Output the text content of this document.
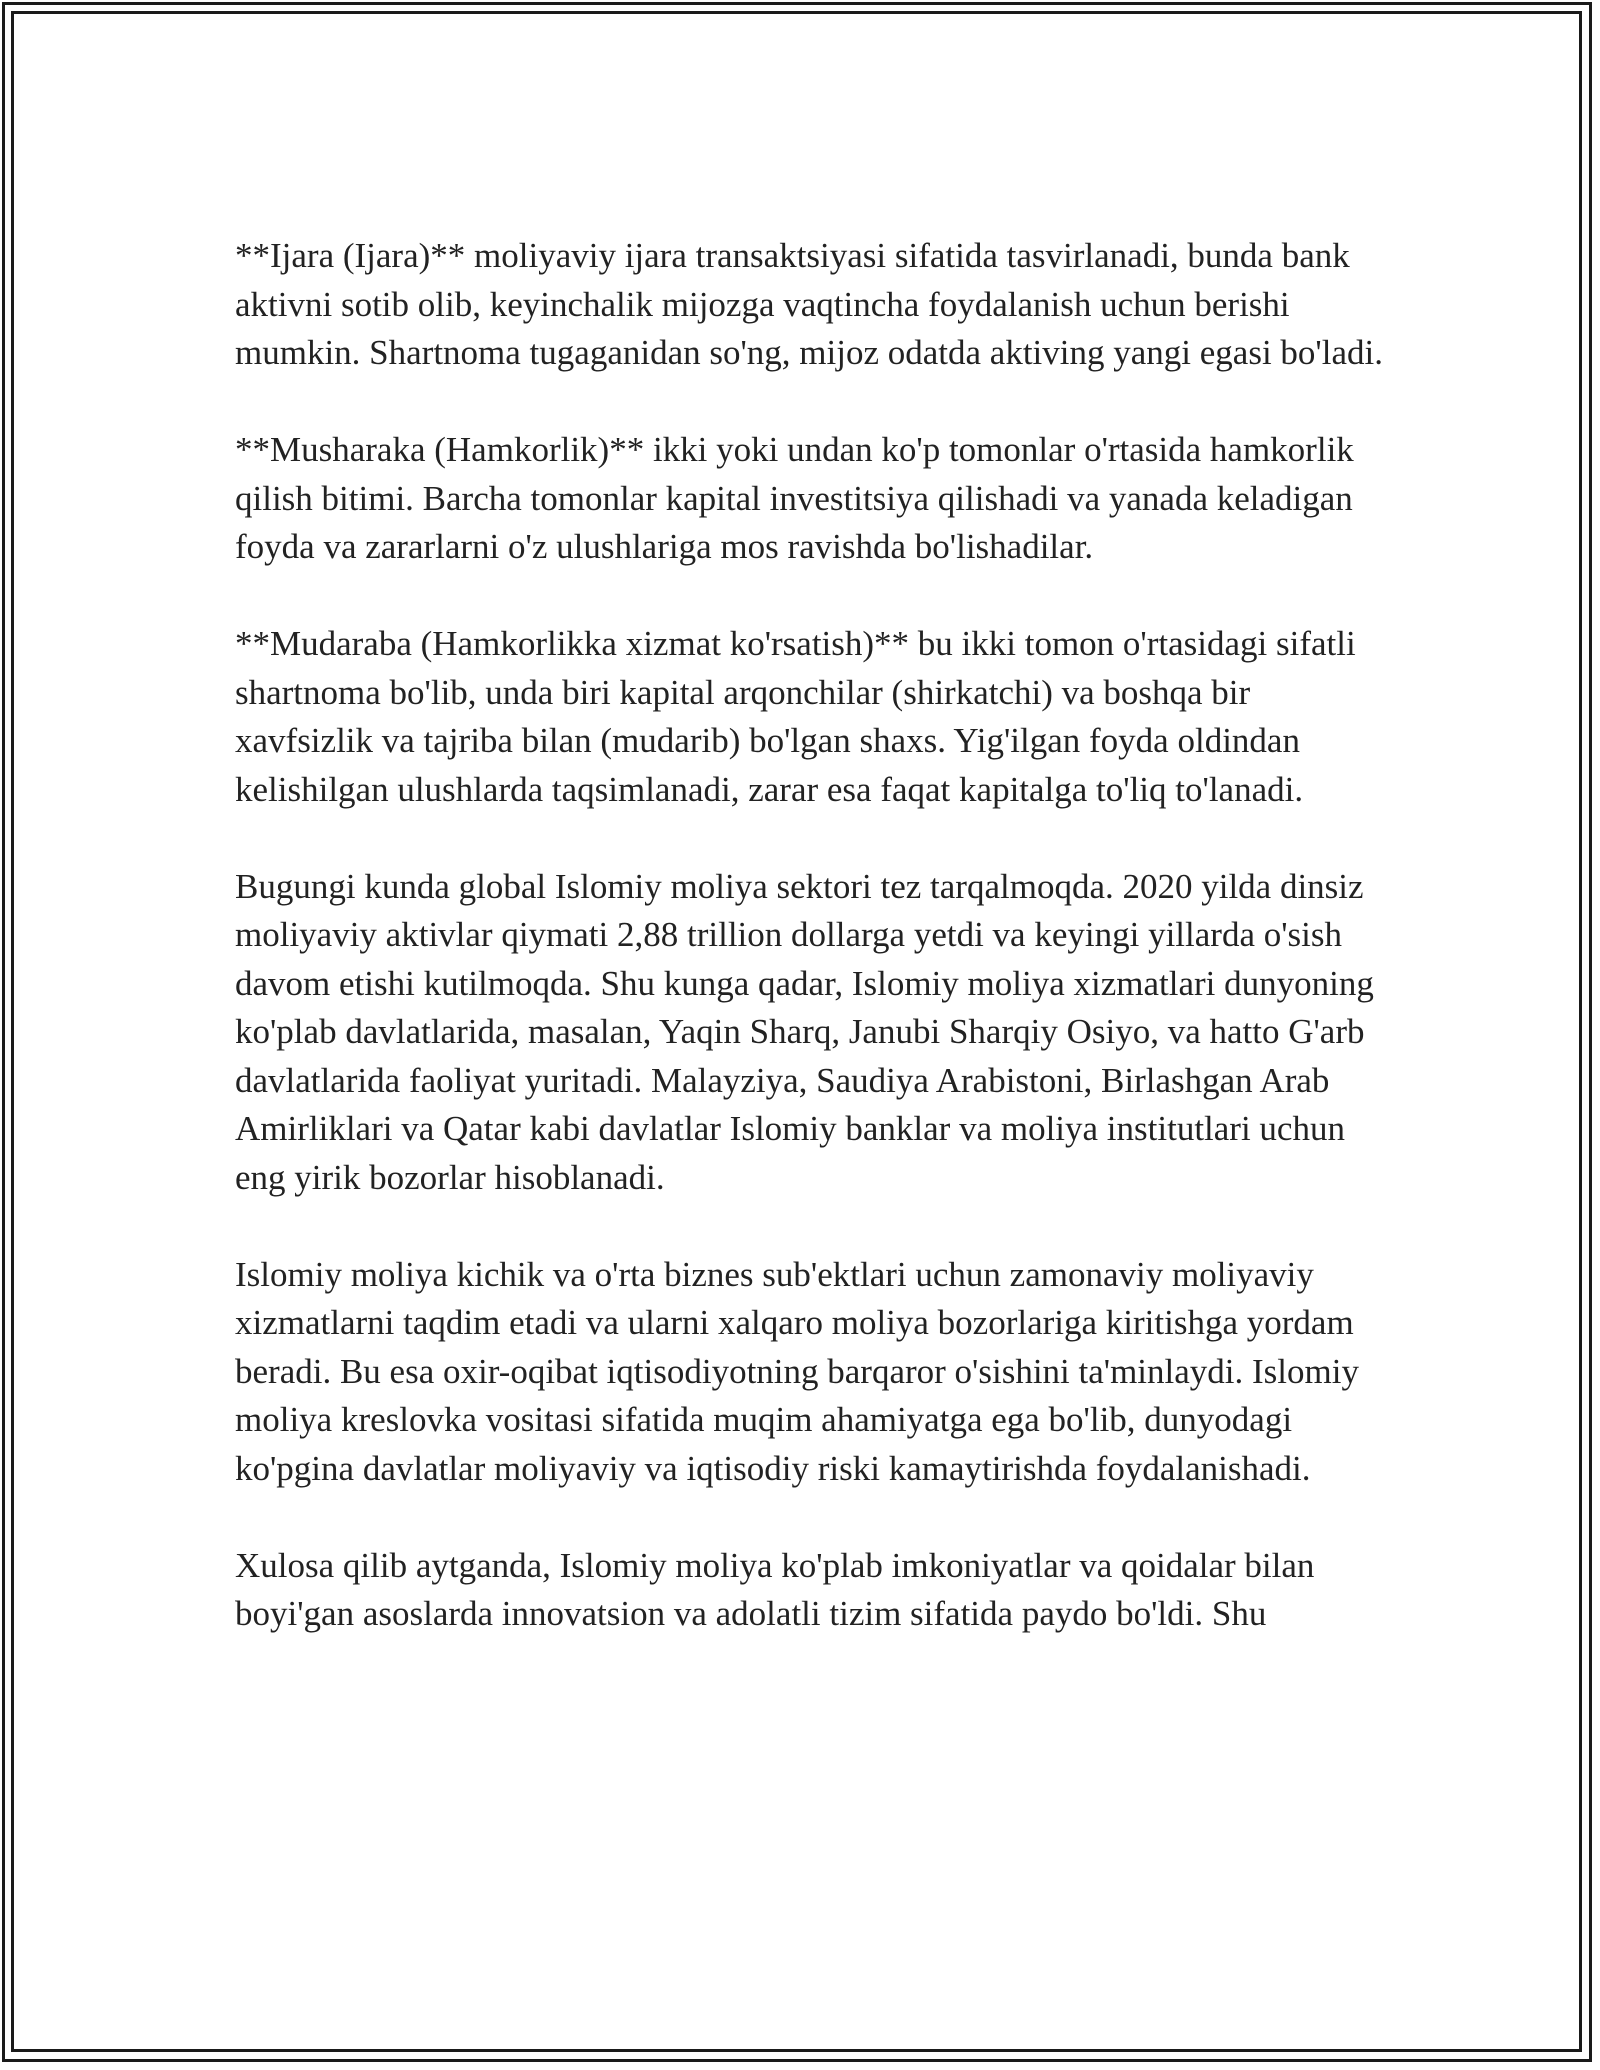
**Ijara (Ijara)** moliyaviy ijara transaktsiyasi sifatida tasvirlanadi, bunda bank aktivni sotib olib, keyinchalik mijozga vaqtincha foydalanish uchun berishi mumkin. Shartnoma tugaganidan so'ng, mijoz odatda aktiving yangi egasi bo'ladi.

**Musharaka (Hamkorlik)** ikki yoki undan ko'p tomonlar o'rtasida hamkorlik qilish bitimi. Barcha tomonlar kapital investitsiya qilishadi va yanada keladigan foyda va zararlarni o'z ulushlariga mos ravishda bo'lishadilar.

**Mudaraba (Hamkorlikka xizmat ko'rsatish)** bu ikki tomon o'rtasidagi sifatli shartnoma bo'lib, unda biri kapital arqonchilar (shirkatchi) va boshqa bir xavfsizlik va tajriba bilan (mudarib) bo'lgan shaxs. Yig'ilgan foyda oldindan kelishilgan ulushlarda taqsimlanadi, zarar esa faqat kapitalga to'liq to'lanadi.

Bugungi kunda global Islomiy moliya sektori tez tarqalmoqda. 2020 yilda dinsiz moliyaviy aktivlar qiymati 2,88 trillion dollarga yetdi va keyingi yillarda o'sish davom etishi kutilmoqda. Shu kunga qadar, Islomiy moliya xizmatlari dunyoning ko'plab davlatlarida, masalan, Yaqin Sharq, Janubi Sharqiy Osiyo, va hatto G'arb davlatlarida faoliyat yuritadi. Malayziya, Saudiya Arabistoni, Birlashgan Arab Amirliklari va Qatar kabi davlatlar Islomiy banklar va moliya institutlari uchun eng yirik bozorlar hisoblanadi.

Islomiy moliya kichik va o'rta biznes sub'ektlari uchun zamonaviy moliyaviy xizmatlarni taqdim etadi va ularni xalqaro moliya bozorlariga kiritishga yordam beradi. Bu esa oxir-oqibat iqtisodiyotning barqaror o'sishini ta'minlaydi. Islomiy moliya kreslovka vositasi sifatida muqim ahamiyatga ega bo'lib, dunyodagi ko'pgina davlatlar moliyaviy va iqtisodiy riski kamaytirishda foydalanishadi.

Xulosa qilib aytganda, Islomiy moliya ko'plab imkoniyatlar va qoidalar bilan boyi'gan asoslarda innovatsion va adolatli tizim sifatida paydo bo'ldi. Shu
